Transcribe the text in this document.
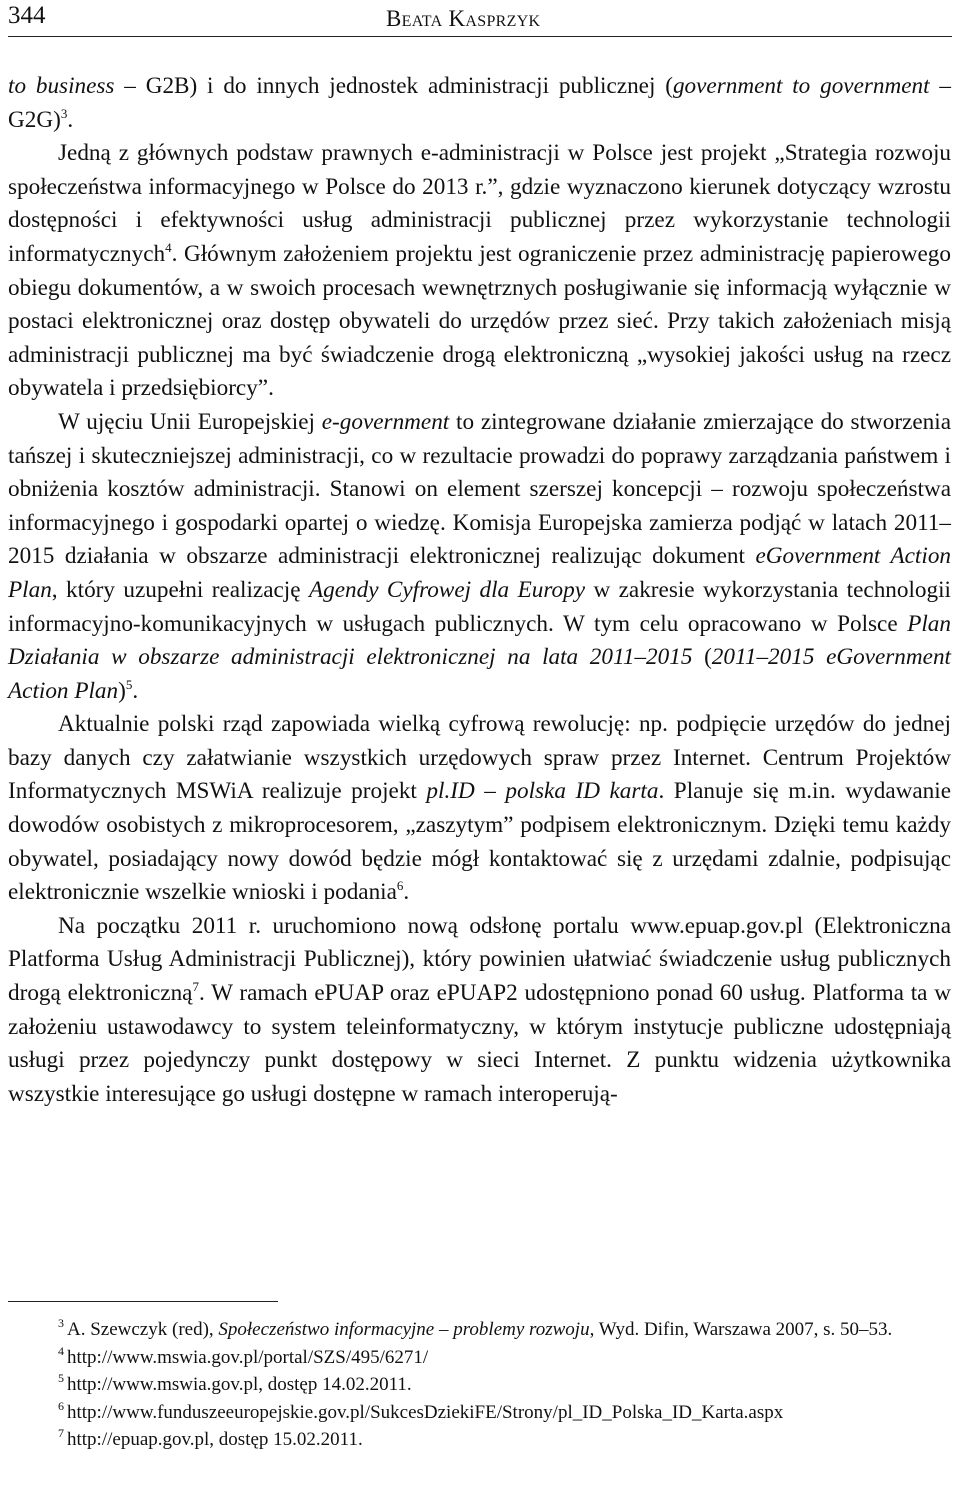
344	Beata Kasprzyk

to business – G2B) i do innych jednostek administracji publicznej (government to government – G2G)$^3$.

Jedną z głównych podstaw prawnych e-administracji w Polsce jest projekt „Strategia rozwoju społeczeństwa informacyjnego w Polsce do 2013 r.”, gdzie wyznaczono kierunek dotyczący wzrostu dostępności i efektywności usług administracji publicznej przez wykorzystanie technologii informatycznych$^4$. Głównym założeniem projektu jest ograniczenie przez administrację papierowego obiegu dokumentów, a w swoich procesach wewnętrznych posługiwanie się informacją wyłącznie w postaci elektronicznej oraz dostęp obywateli do urzędów przez sieć. Przy takich założeniach misją administracji publicznej ma być świadczenie drogą elektroniczną „wysokiej jakości usług na rzecz obywatela i przedsiębiorcy”.

W ujęciu Unii Europejskiej e-government to zintegrowane działanie zmierzające do stworzenia tańszej i skuteczniejszej administracji, co w rezultacie prowadzi do poprawy zarządzania państwem i obniżenia kosztów administracji. Stanowi on element szerszej koncepcji – rozwoju społeczeństwa informacyjnego i gospodarki opartej o wiedzę. Komisja Europejska zamierza podjąć w latach 2011–2015 działania w obszarze administracji elektronicznej realizując dokument eGovernment Action Plan, który uzupełni realizację Agendy Cyfrowej dla Europy w zakresie wykorzystania technologii informacyjno-komunikacyjnych w usługach publicznych. W tym celu opracowano w Polsce Plan Działania w obszarze administracji elektronicznej na lata 2011–2015 (2011–2015 eGovernment Action Plan)$^5$.

Aktualnie polski rząd zapowiada wielką cyfrową rewolucję: np. podpięcie urzędów do jednej bazy danych czy załatwianie wszystkich urzędowych spraw przez Internet. Centrum Projektów Informatycznych MSWiA realizuje projekt pl.ID – polska ID karta. Planuje się m.in. wydawanie dowodów osobistych z mikroprocesorem, „zaszytym” podpisem elektronicznym. Dzięki temu każdy obywatel, posiadający nowy dowód będzie mógł kontaktować się z urzędami zdalnie, podpisując elektronicznie wszelkie wnioski i podania$^6$.

Na początku 2011 r. uruchomiono nową odsłonę portalu www.epuap.gov.pl (Elektroniczna Platforma Usług Administracji Publicznej), który powinien ułatwiać świadczenie usług publicznych drogą elektroniczną$^7$. W ramach ePUAP oraz ePUAP2 udostępniono ponad 60 usług. Platforma ta w założeniu ustawodawcy to system teleinformatyczny, w którym instytucje publiczne udostępniają usługi przez pojedynczy punkt dostępowy w sieci Internet. Z punktu widzenia użytkownika wszystkie interesujące go usługi dostępne w ramach interoperują-

$^3$ A. Szewczyk (red), Społeczeństwo informacyjne – problemy rozwoju, Wyd. Difin, Warszawa 2007, s. 50–53.

$^4$ http://www.mswia.gov.pl/portal/SZS/495/6271/

$^5$ http://www.mswia.gov.pl, dostęp 14.02.2011.

$^6$ http://www.funduszeeuropejskie.gov.pl/SukcesDziekiFE/Strony/pl_ID_Polska_ID_Karta.aspx

$^7$ http://epuap.gov.pl, dostęp 15.02.2011.
